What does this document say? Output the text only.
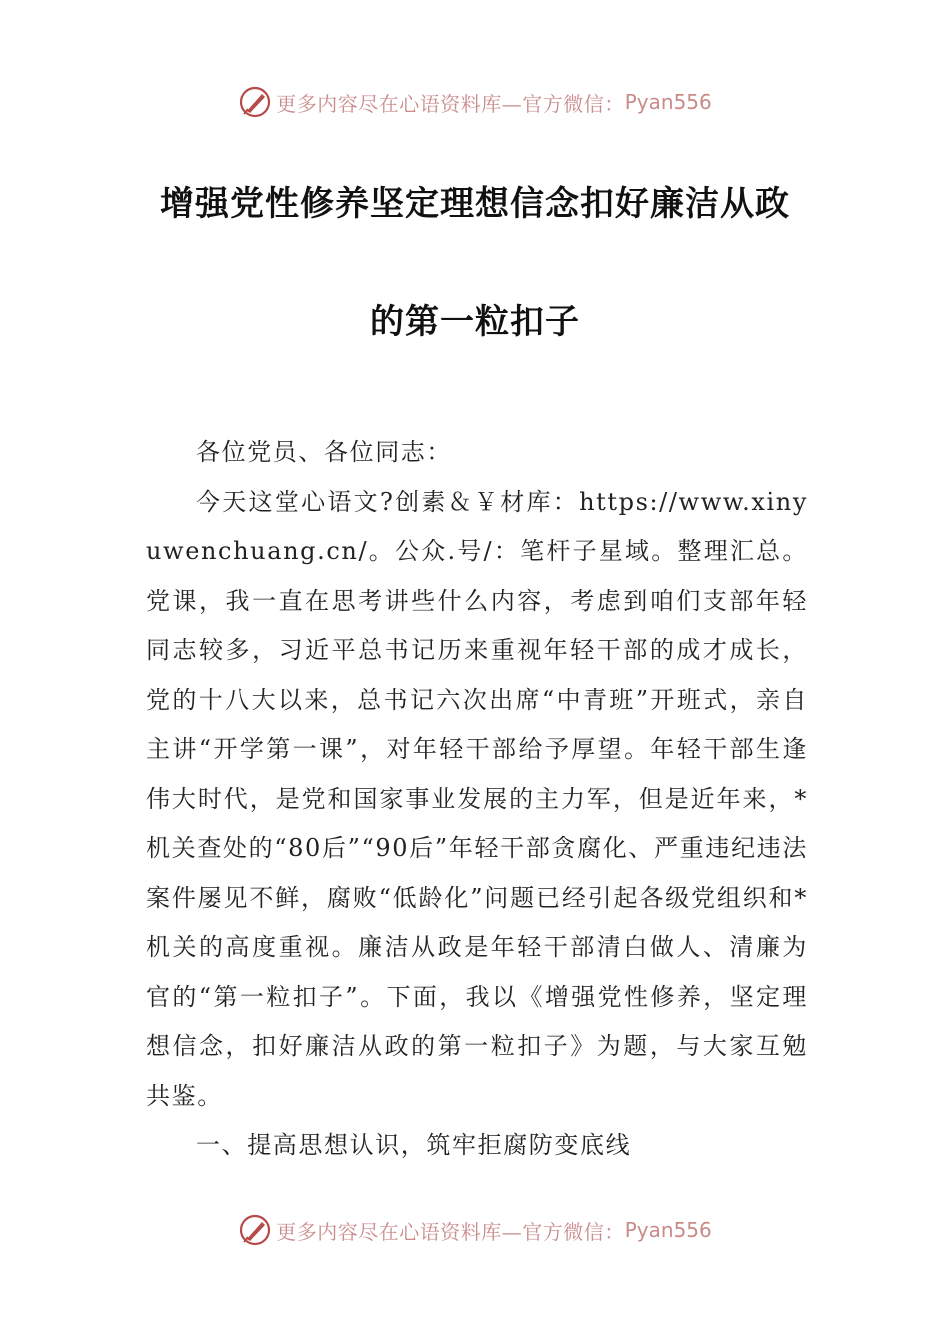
更多内容尽在心语资料库—官方微信： Pyan556
增强党性修养坚定理想信念扣好廉洁从政
的第一粒扣子

各位党员、各位同志：

今天这堂心语文?创素＆￥材库：https://www.xinyuwenchuang.cn/。公众.号/：笔杆子星域。整理汇总。党课，我一直在思考讲些什么内容，考虑到咱们支部年轻同志较多，习近平总书记历来重视年轻干部的成才成长，党的十八大以来，总书记六次出席“中青班”开班式，亲自主讲“开学第一课”，对年轻干部给予厚望。年轻干部生逢伟大时代，是党和国家事业发展的主力军，但是近年来，*机关查处的“80后”“90后”年轻干部贪腐化、严重违纪违法案件屡见不鲜，腐败“低龄化”问题已经引起各级党组织和*机关的高度重视。廉洁从政是年轻干部清白做人、清廉为官的“第一粒扣子”。下面，我以《增强党性修养，坚定理想信念，扣好廉洁从政的第一粒扣子》为题，与大家互勉共鉴。

一、提高思想认识，筑牢拒腐防变底线

更多内容尽在心语资料库—官方微信： Pyan556
